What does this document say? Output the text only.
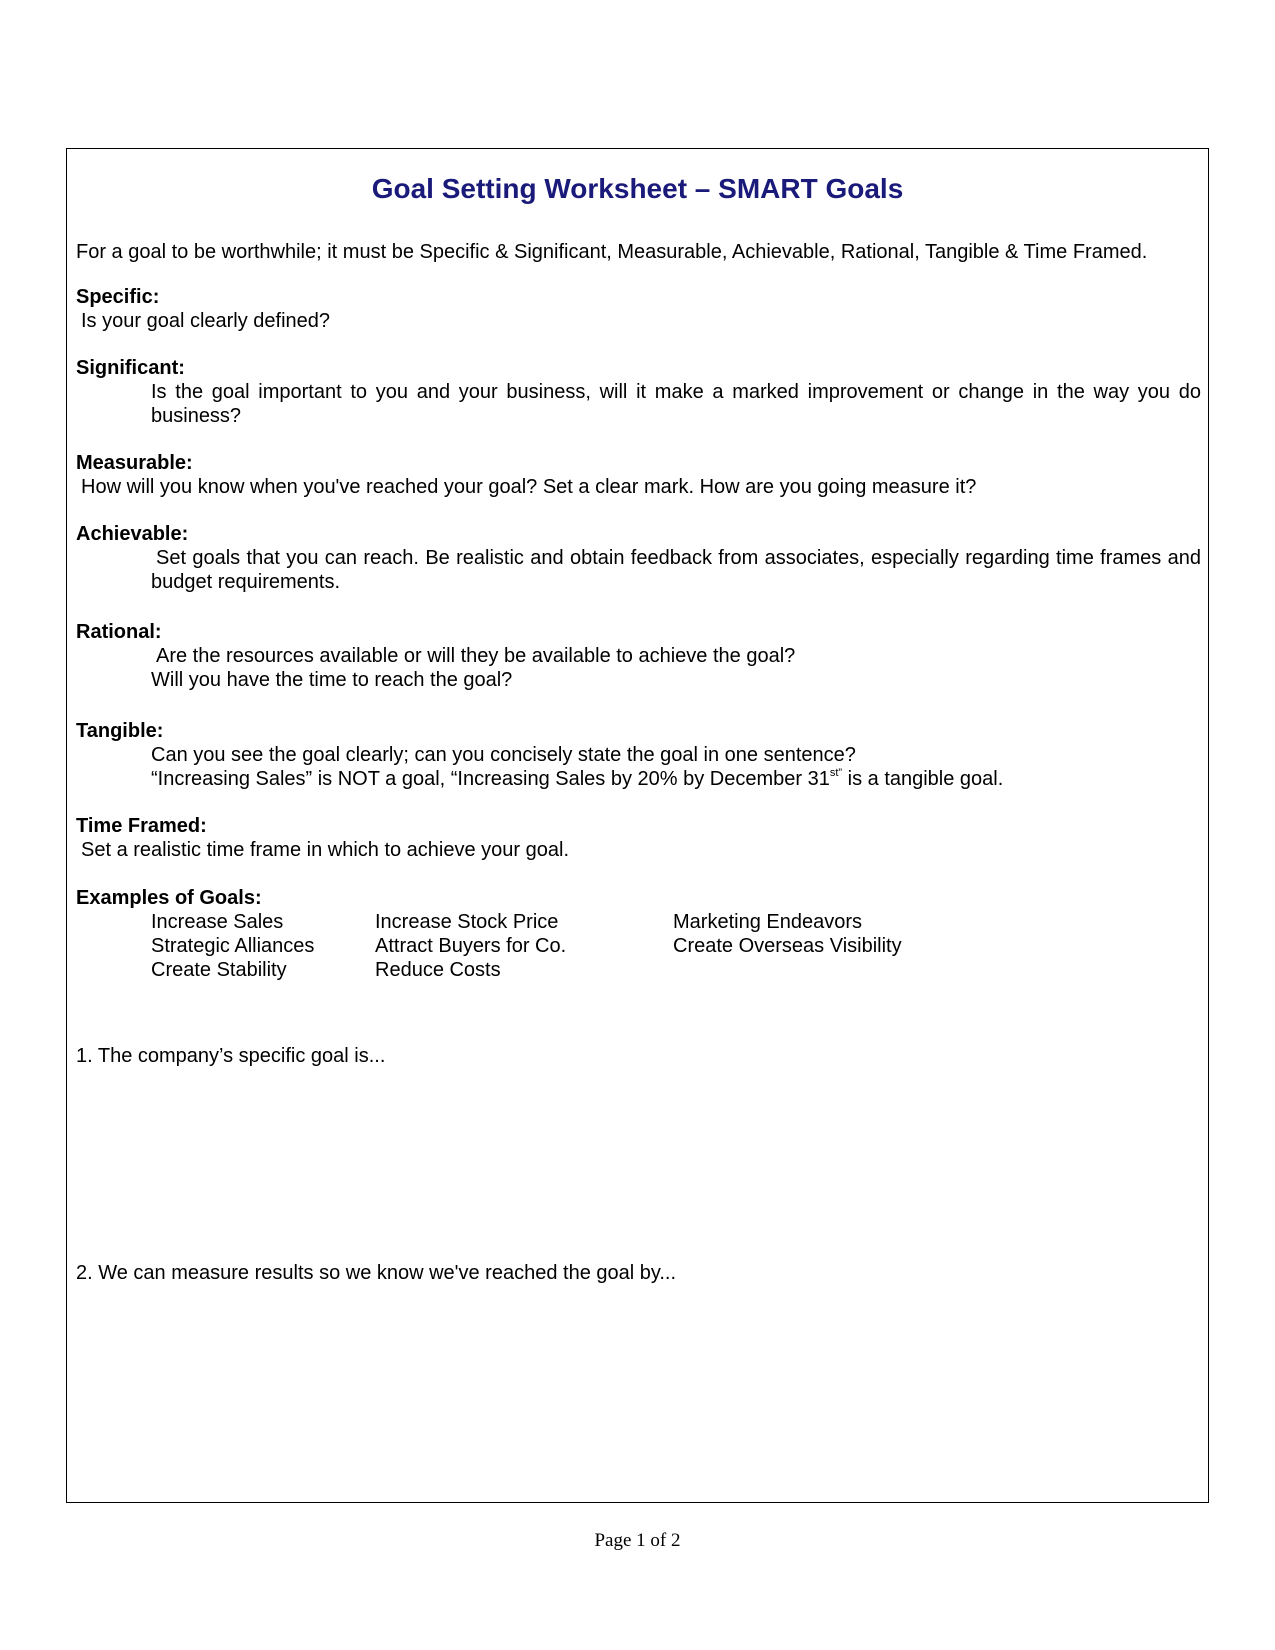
Goal Setting Worksheet – SMART Goals

For a goal to be worthwhile; it must be Specific & Significant, Measurable, Achievable, Rational, Tangible & Time Framed.

Specific:

Is your goal clearly defined?

Significant:

Is the goal important to you and your business, will it make a marked improvement or change in the way you do business?

Measurable:

How will you know when you've reached your goal? Set a clear mark. How are you going measure it?

Achievable:

Set goals that you can reach. Be realistic and obtain feedback from associates, especially regarding time frames and budget requirements.

Rational:

Are the resources available or will they be available to achieve the goal?
Will you have the time to reach the goal?

Tangible:

Can you see the goal clearly; can you concisely state the goal in one sentence?
“Increasing Sales” is NOT a goal, “Increasing Sales by 20% by December $31^{st”}$ is a tangible goal.

Time Framed:

Set a realistic time frame in which to achieve your goal.

Examples of Goals:

Increase Sales
Strategic Alliances
Create Stability
Increase Stock Price
Attract Buyers for Co.
Reduce Costs
Marketing Endeavors
Create Overseas Visibility

1. The company’s specific goal is...

2. We can measure results so we know we've reached the goal by...

Page 1 of 2
